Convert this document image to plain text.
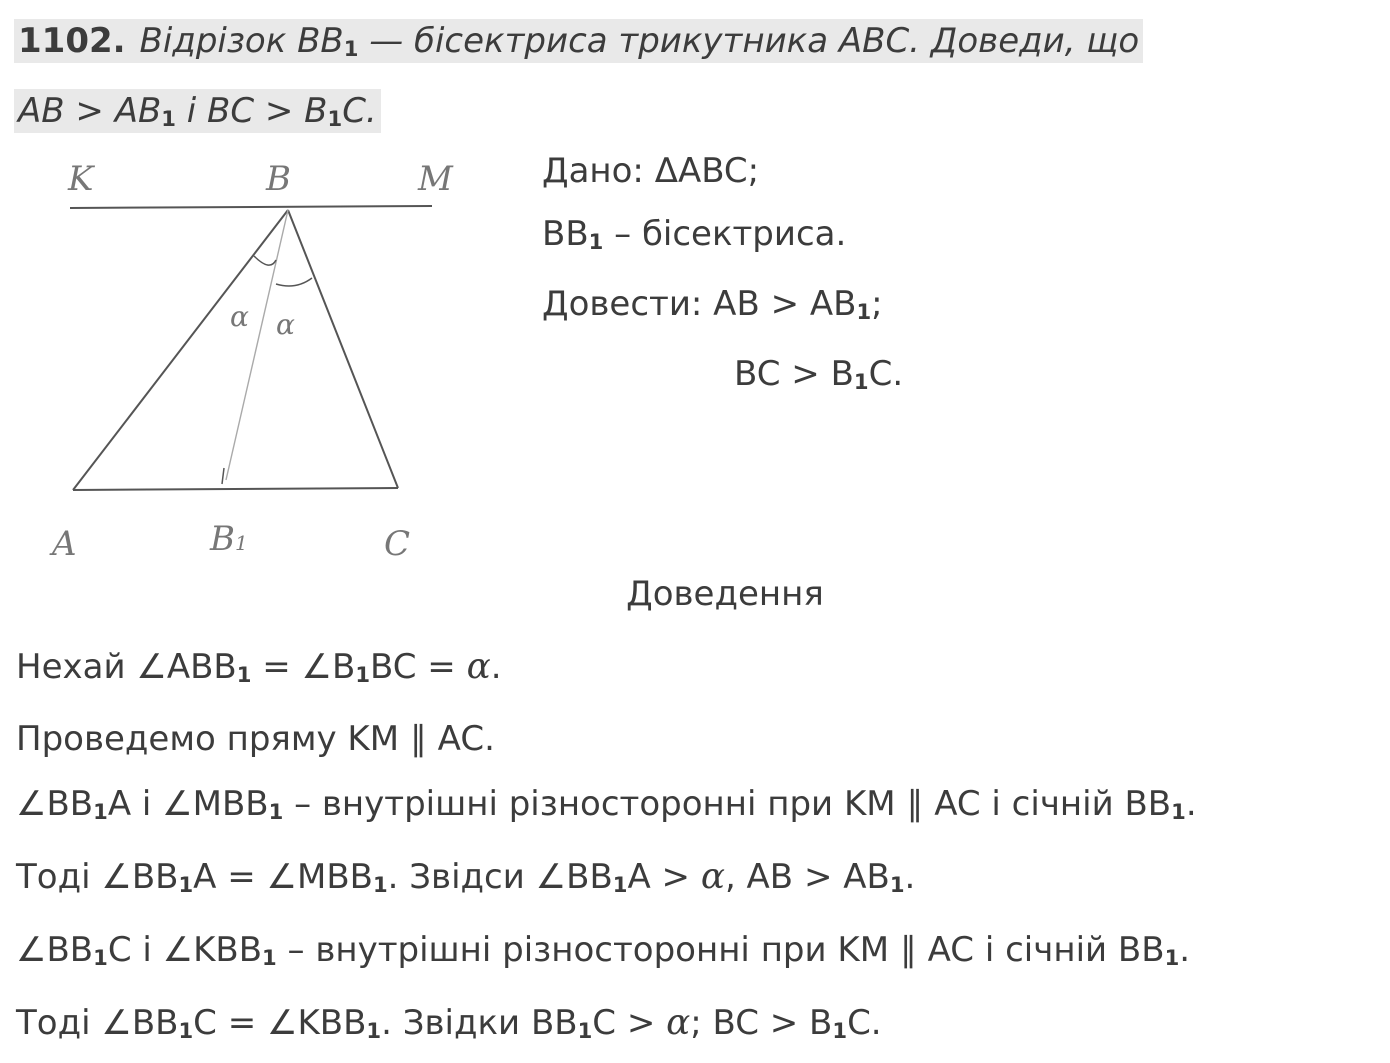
1102. Відрізок $BB_1$ — бісектриса трикутника ABC. Доведи, що
AB > $AB_1$ і BC > $B_1C$.
K	B	M
A	B1	C
α α
Дано: ΔABC;
$BB_1$ – бісектриса.
Довести: AB > $AB_1$;
BC > $B_1C$.
Доведення
Нехай $\angle ABB_1$ = $\angle B_1BC = \alpha$.
Проведемо пряму KM ∥ AC.
$\angle BB_1A$ і $\angle MBB_1$ – внутрішні різносторонні при KM ∥ AC і січній $BB_1$.
Тоді $\angle BB_1A$ = $\angle MBB_1$. Звідси $\angle BB_1A > \alpha$, AB > $AB_1$.
$\angle BB_1C$ і $\angle KBB_1$ – внутрішні різносторонні при KM ∥ AC і січній $BB_1$.
Тоді $\angle BB_1C$ = $\angle KBB_1$. Звідки $BB_1C > \alpha$; BC > $B_1C$.
